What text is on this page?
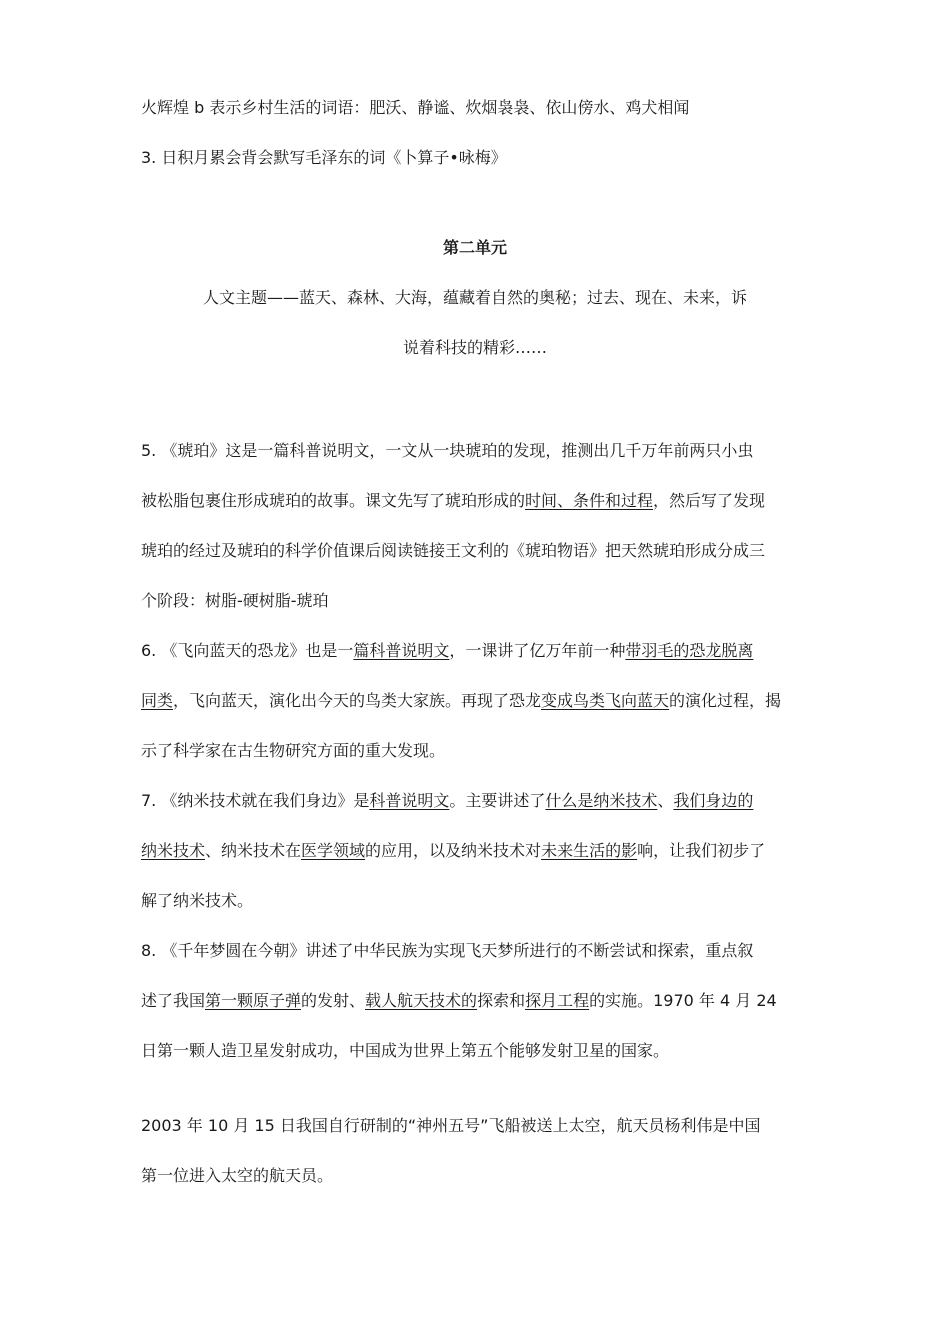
火辉煌 b 表示乡村生活的词语：肥沃、静谧、炊烟袅袅、依山傍水、鸡犬相闻
3. 日积月累会背会默写毛泽东的词《卜算子•咏梅》
第二单元
人文主题——蓝天、森林、大海，蕴藏着自然的奥秘；过去、现在、未来，诉
说着科技的精彩……
5. 《琥珀》这是一篇科普说明文，一文从一块琥珀的发现，推测出几千万年前两只小虫
被松脂包裹住形成琥珀的故事。课文先写了琥珀形成的时间、条件和过程，然后写了发现
琥珀的经过及琥珀的科学价值课后阅读链接王文利的《琥珀物语》把天然琥珀形成分成三
个阶段：树脂-硬树脂-琥珀
6. 《飞向蓝天的恐龙》也是一篇科普说明文，一课讲了亿万年前一种带羽毛的恐龙脱离
同类，飞向蓝天，演化出今天的鸟类大家族。再现了恐龙变成鸟类飞向蓝天的演化过程，揭
示了科学家在古生物研究方面的重大发现。
7. 《纳米技术就在我们身边》是科普说明文。主要讲述了什么是纳米技术、我们身边的
纳米技术、纳米技术在医学领域的应用，以及纳米技术对未来生活的影响，让我们初步了
解了纳米技术。
8. 《千年梦圆在今朝》讲述了中华民族为实现飞天梦所进行的不断尝试和探索，重点叙
述了我国第一颗原子弹的发射、载人航天技术的探索和探月工程的实施。1970 年 4 月 24
日第一颗人造卫星发射成功，中国成为世界上第五个能够发射卫星的国家。
2003 年 10 月 15 日我国自行研制的“神州五号”飞船被送上太空，航天员杨利伟是中国
第一位进入太空的航天员。
